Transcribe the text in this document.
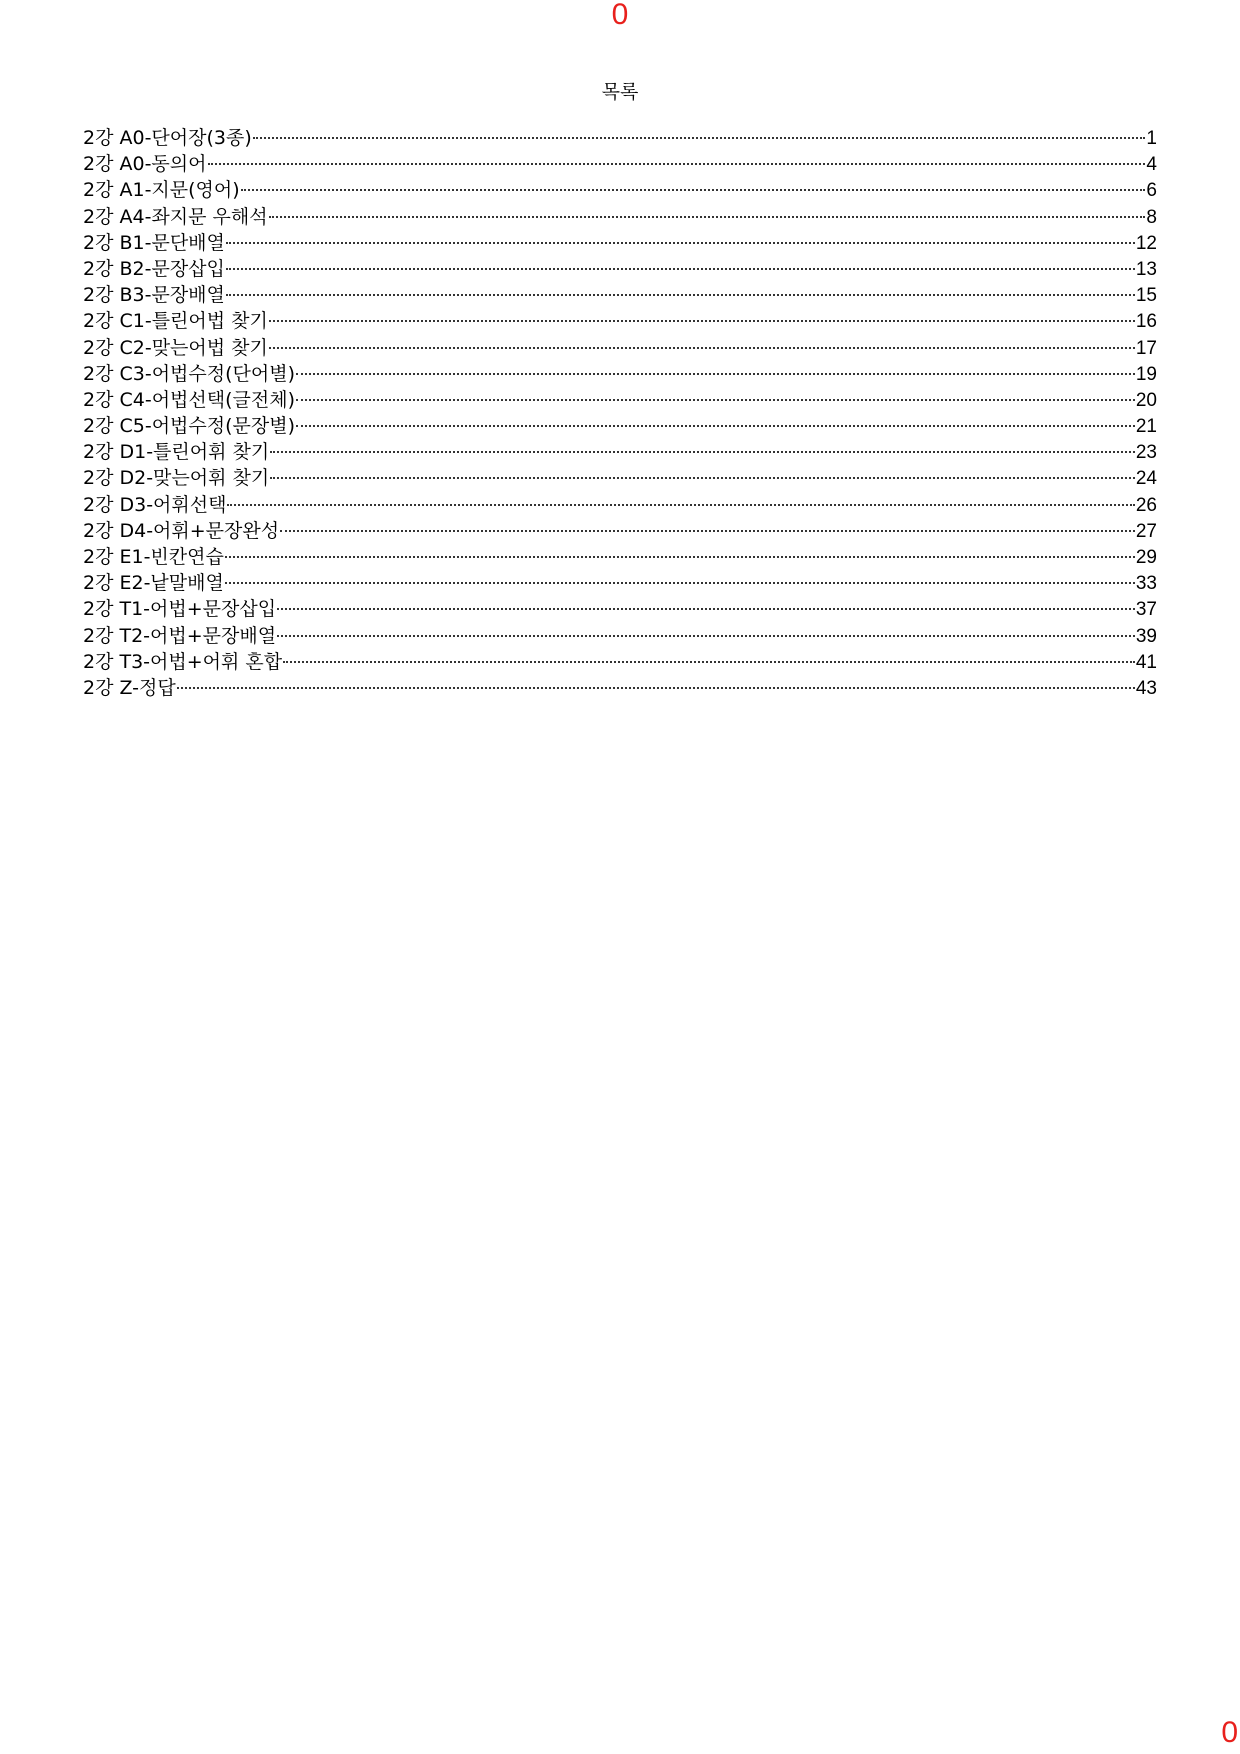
0
목록
2강 A0-단어장(3종)	1
2강 A0-동의어	4
2강 A1-지문(영어)	6
2강 A4-좌지문 우해석	8
2강 B1-문단배열	12
2강 B2-문장삽입	13
2강 B3-문장배열	15
2강 C1-틀린어법 찾기	16
2강 C2-맞는어법 찾기	17
2강 C3-어법수정(단어별)	19
2강 C4-어법선택(글전체)	20
2강 C5-어법수정(문장별)	21
2강 D1-틀린어휘 찾기	23
2강 D2-맞는어휘 찾기	24
2강 D3-어휘선택	26
2강 D4-어휘+문장완성	27
2강 E1-빈칸연습	29
2강 E2-낱말배열	33
2강 T1-어법+문장삽입	37
2강 T2-어법+문장배열	39
2강 T3-어법+어휘 혼합	41
2강 Z-정답	43
0
